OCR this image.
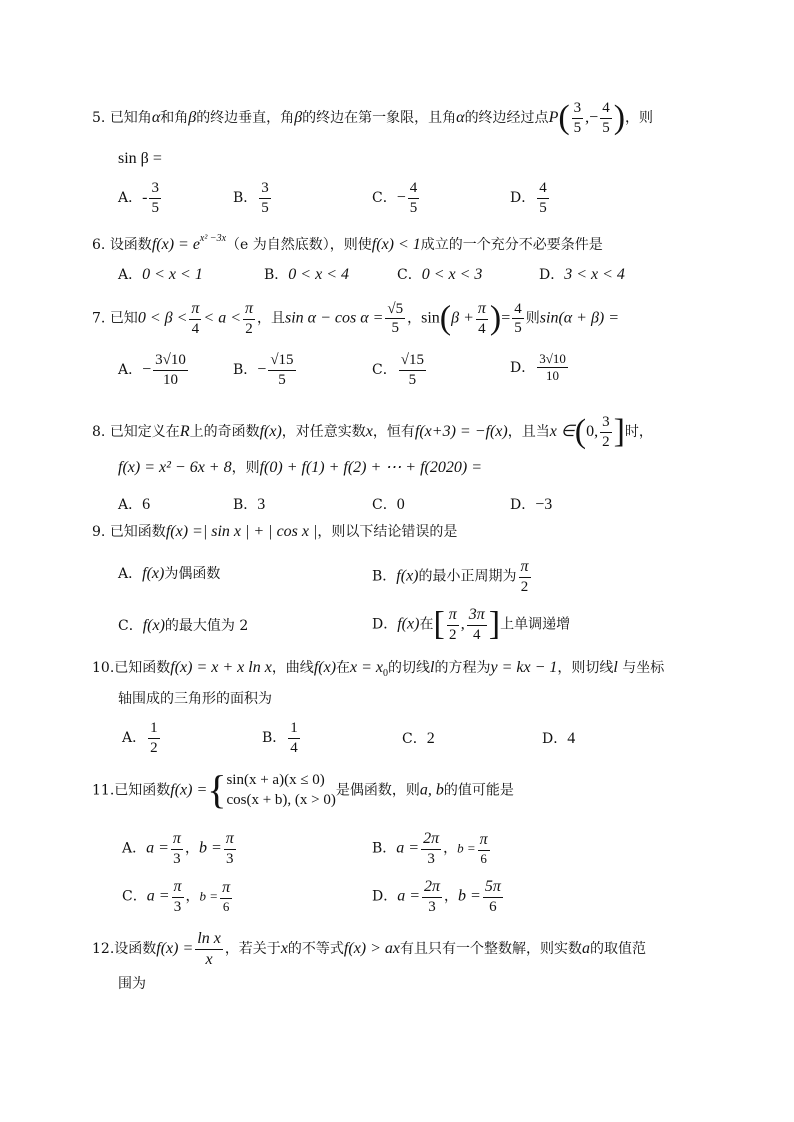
5. 已知角α和角β的终边垂直，角β的终边在第一象限，且角α的终边经过点$P( \frac{3}{5}$ ,− $\frac{4}{5}$ )，则
sin β =
A．- $\frac{3}{5}$	B． $\frac{3}{5}$	C．− $\frac{4}{5}$	D． $\frac{4}{5}$
6. 设函数$f(x) = e^{x^2 -3x}(e$ 为自然底数），则使f(x) < 1成立的一个充分不必要条件是
A．0 < x < 1	B．0 < x < 4	C．0 < x < 3	D．3 < x < 4
7. 已知$0 < \beta < \frac{\pi}{4} < a < \frac{\pi}{2}$ ，且$\sin \alpha - \cos \alpha = \frac{√5}{5}$ ，$\sin(\beta + \frac{\pi}{4}$ )= $\frac{4}{5}$ 则sin(α + β) =
A．− $\frac{3√10}{10}$	B．− $\frac{√15}{5}$	C． $\frac{√15}{5}$	D． $\frac{3√10}{10}$
8. 已知定义在R上的奇函数f(x)，对任意实数x，恒有f(x+3) = −f(x)，且当x ∈(0, $\frac{3}{2}$ ]时，
f(x) = x² − 6x + 8，则f(0) + f(1) + f(2) + ⋯ + f(2020) =
A．6	B．3	C．0	D．−3
9. 已知函数f(x) =| sin x | + | cos x |，则以下结论错误的是
A．f(x)为偶函数	B．f(x)的最小正周期为 $\frac{\pi}{2}$
C．f(x)的最大值为 2	D．f(x)在[ $\frac{\pi}{2}$ , $\frac{3\pi}{4}$ ]上单调递增
10.已知函数f(x) = x + x ln x，曲线f(x)在$x = x_0$的切线l的方程为y = kx − 1，则切线l 与坐标
轴围成的三角形的面积为
A． $\frac{1}{2}$	B． $\frac{1}{4}$	C．2	D．4
11.已知函数f(x) = { sin(x + a)(x ≤ 0)
cos(x + b), (x > 0)
是偶函数，则a, b的值可能是
A．$a = \frac{\pi}{3}$ ，$b = \frac{\pi}{3}$	B．$a = \frac{2\pi}{3}$ ，$b = \frac{\pi}{6}$
C．$a = \frac{\pi}{3}$ ，$b = \frac{\pi}{6}$	D．$a = \frac{2\pi}{3}$ ，$b = \frac{5\pi}{6}$
12.设函数$f(x) = \frac{\text{ln x}}{x}$ ，若关于x的不等式f(x) > ax有且只有一个整数解，则实数a的取值范
围为
